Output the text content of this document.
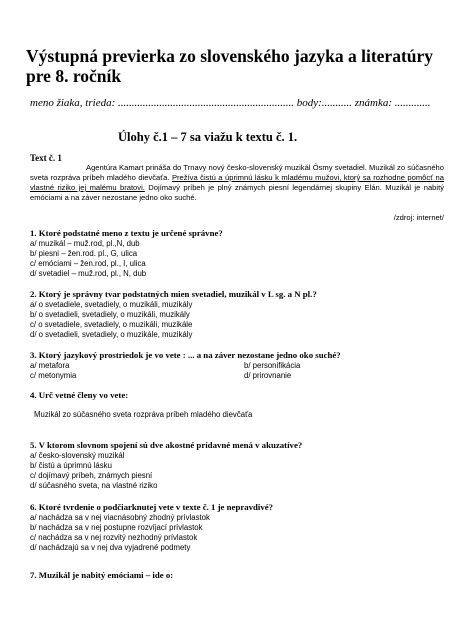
Výstupná previerka zo slovenského jazyka a literatúry pre 8. ročník
meno žiaka, trieda: ................................................................ body:........... známka: .............
Úlohy č.1 – 7 sa viažu k textu č. 1.
Text č. 1
Agentúra Kamart prináša do Trnavy nový česko-slovenský muzikál Ôsmy svetadiel. Muzikál zo súčasného sveta rozpráva príbeh mladého dievčaťa. Prežíva čistú a úprimnú lásku k mladému mužovi, ktorý sa rozhodne pomôcť na vlastné riziko jej malému bratovi. Dojímavý príbeh je plný známych piesní legendárnej skupiny Elán. Muzikál je nabitý emóciami a na záver nezostane jedno oko suché.
/zdroj: internet/
1. Ktoré podstatné meno z textu je určené správne?
a/ muzikál – muž.rod, pl.,N, dub
b/ piesni – žen.rod. pl., G, ulica
c/ emóciami – žen.rod, pl., I, ulica
d/ svetadiel – muž.rod, pl., N, dub
2. Ktorý je správny tvar podstatných mien svetadiel, muzikál v L sg. a N pl.?
a/ o svetadiele, svetadiely, o muzikáli, muzikály
b/ o svetadieli, svetadiely, o muzikáli, muzikály
c/ o svetadiele, svetadiely, o muzikáli, muzikále
d/ o svetadieli, svetadiely, o muzikále, muzikály
3. Ktorý jazykový prostriedok je vo vete : ... a na záver nezostane jedno oko suché?
a/ metafora	b/ personifikácia
c/ metonymia	d/ prirovnanie
4. Urč vetné členy vo vete:
Muzikál zo súčasného sveta rozpráva príbeh mladého dievčaťa
5. V ktorom slovnom spojení sú dve akostné prídavné mená v akuzatíve?
a/ česko-slovenský muzikál
b/ čistú a úprimnú lásku
c/ dojímavý príbeh, známych piesní
d/ súčasného sveta, na vlastné riziko
6. Ktoré tvrdenie o podčiarknutej vete v texte č. 1 je nepravdivé?
a/ nachádza sa v nej viacnásobný zhodný prívlastok
b/ nachádza sa v nej postupne rozvíjací prívlastok
c/ nachádza sa v nej rozvitý nezhodný prívlastok
d/ nachádzajú sa v nej dva vyjadrené podmety
7. Muzikál je nabitý emóciami – ide o:
